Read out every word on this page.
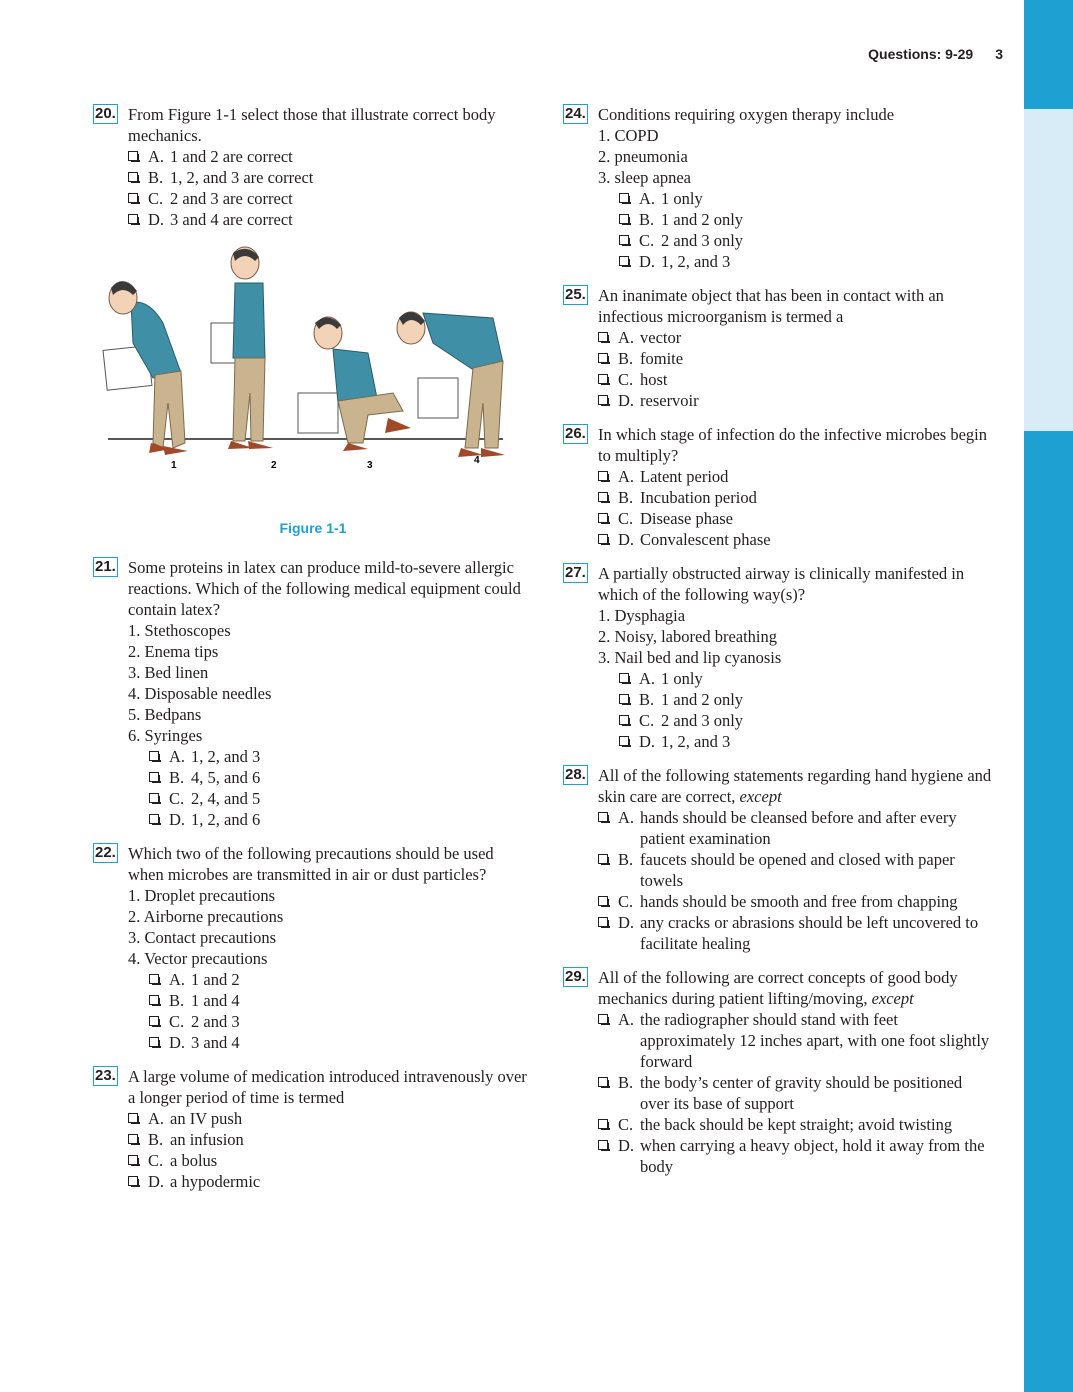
Questions: 9-29 3
20. From Figure 1-1 select those that illustrate correct body mechanics.

A. 1 and 2 are correct
B. 1, 2, and 3 are correct
C. 2 and 3 are correct
D. 3 and 4 are correct
1	2	3	4
Figure 1-1
21. Some proteins in latex can produce mild-to-severe allergic reactions. Which of the following medical equipment could contain latex?

1. Stethoscopes
2. Enema tips
3. Bed linen
4. Disposable needles
5. Bedpans
6. Syringes
A. 1, 2, and 3
B. 4, 5, and 6
C. 2, 4, and 5
D. 1, 2, and 6
22. Which two of the following precautions should be used when microbes are transmitted in air or dust particles?

1. Droplet precautions
2. Airborne precautions
3. Contact precautions
4. Vector precautions
A. 1 and 2
B. 1 and 4
C. 2 and 3
D. 3 and 4
23. A large volume of medication introduced intravenously over a longer period of time is termed

A. an IV push
B. an infusion
C. a bolus
D. a hypodermic
24. Conditions requiring oxygen therapy include

1. COPD
2. pneumonia
3. sleep apnea
A. 1 only
B. 1 and 2 only
C. 2 and 3 only
D. 1, 2, and 3
25. An inanimate object that has been in contact with an infectious microorganism is termed a

A. vector
B. fomite
C. host
D. reservoir
26. In which stage of infection do the infective microbes begin to multiply?

A. Latent period
B. Incubation period
C. Disease phase
D. Convalescent phase
27. A partially obstructed airway is clinically manifested in which of the following way(s)?

1. Dysphagia
2. Noisy, labored breathing
3. Nail bed and lip cyanosis
A. 1 only
B. 1 and 2 only
C. 2 and 3 only
D. 1, 2, and 3
28. All of the following statements regarding hand hygiene and skin care are correct, except

A. hands should be cleansed before and after every patient examination
B. faucets should be opened and closed with paper towels
C. hands should be smooth and free from chapping
D. any cracks or abrasions should be left uncovered to facilitate healing
29. All of the following are correct concepts of good body mechanics during patient lifting/moving, except

A. the radiographer should stand with feet approximately 12 inches apart, with one foot slightly forward
B. the body’s center of gravity should be positioned over its base of support
C. the back should be kept straight; avoid twisting
D. when carrying a heavy object, hold it away from the body
